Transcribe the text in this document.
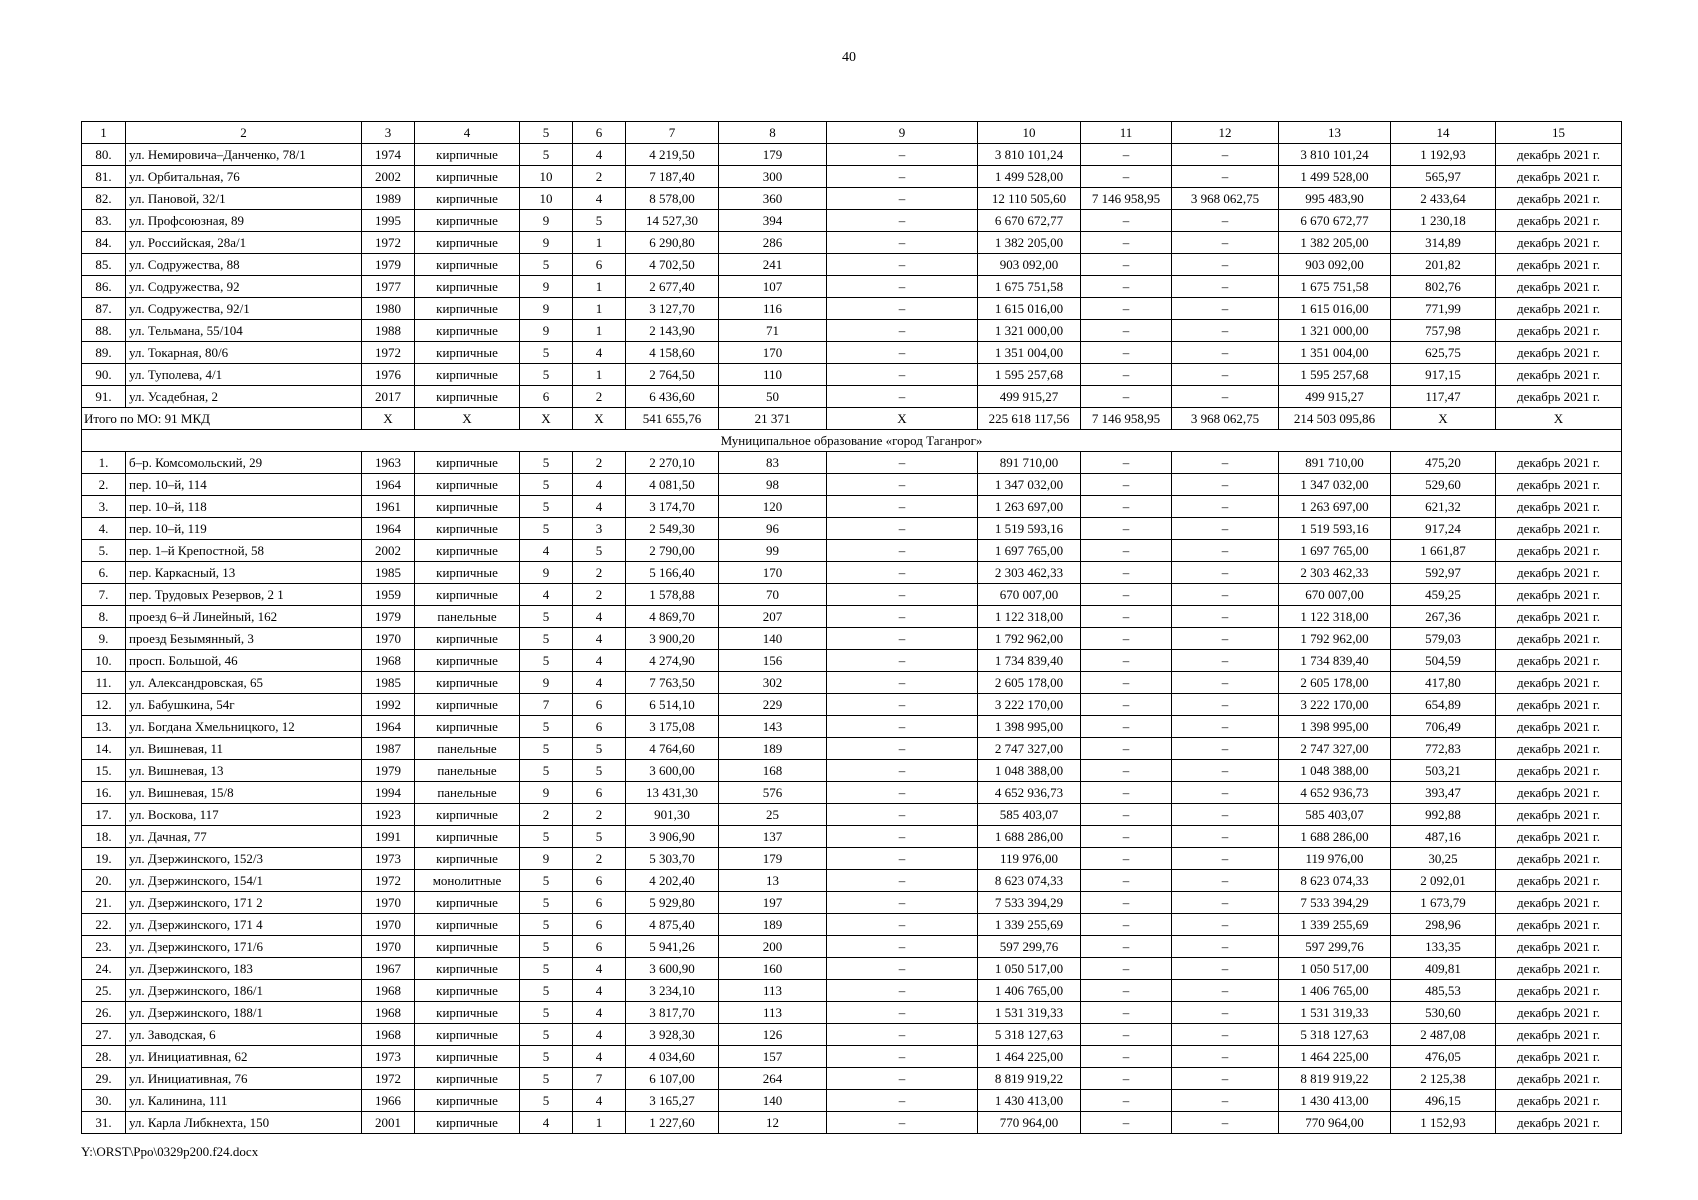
40
1	2	3	4	5	6	7	8	9	10	11	12	13	14	15
80.	ул. Немировича–Данченко, 78/1	1974	кирпичные	5	4	4 219,50	179	–	3 810 101,24	–	–	3 810 101,24	1 192,93	декабрь 2021 г.
81.	ул. Орбитальная, 76	2002	кирпичные	10	2	7 187,40	300	–	1 499 528,00	–	–	1 499 528,00	565,97	декабрь 2021 г.
82.	ул. Пановой, 32/1	1989	кирпичные	10	4	8 578,00	360	–	12 110 505,60	7 146 958,95	3 968 062,75	995 483,90	2 433,64	декабрь 2021 г.
83.	ул. Профсоюзная, 89	1995	кирпичные	9	5	14 527,30	394	–	6 670 672,77	–	–	6 670 672,77	1 230,18	декабрь 2021 г.
84.	ул. Российская, 28а/1	1972	кирпичные	9	1	6 290,80	286	–	1 382 205,00	–	–	1 382 205,00	314,89	декабрь 2021 г.
85.	ул. Содружества, 88	1979	кирпичные	5	6	4 702,50	241	–	903 092,00	–	–	903 092,00	201,82	декабрь 2021 г.
86.	ул. Содружества, 92	1977	кирпичные	9	1	2 677,40	107	–	1 675 751,58	–	–	1 675 751,58	802,76	декабрь 2021 г.
87.	ул. Содружества, 92/1	1980	кирпичные	9	1	3 127,70	116	–	1 615 016,00	–	–	1 615 016,00	771,99	декабрь 2021 г.
88.	ул. Тельмана, 55/104	1988	кирпичные	9	1	2 143,90	71	–	1 321 000,00	–	–	1 321 000,00	757,98	декабрь 2021 г.
89.	ул. Токарная, 80/6	1972	кирпичные	5	4	4 158,60	170	–	1 351 004,00	–	–	1 351 004,00	625,75	декабрь 2021 г.
90.	ул. Туполева, 4/1	1976	кирпичные	5	1	2 764,50	110	–	1 595 257,68	–	–	1 595 257,68	917,15	декабрь 2021 г.
91.	ул. Усадебная, 2	2017	кирпичные	6	2	6 436,60	50	–	499 915,27	–	–	499 915,27	117,47	декабрь 2021 г.
Итого по МО: 91 МКД		X	X	X	X	541 655,76	21 371	X	225 618 117,56	7 146 958,95	3 968 062,75	214 503 095,86	X	X
Муниципальное образование «город Таганрог»														
1.	б–р. Комсомольский, 29	1963	кирпичные	5	2	2 270,10	83	–	891 710,00	–	–	891 710,00	475,20	декабрь 2021 г.
2.	пер. 10–й, 114	1964	кирпичные	5	4	4 081,50	98	–	1 347 032,00	–	–	1 347 032,00	529,60	декабрь 2021 г.
3.	пер. 10–й, 118	1961	кирпичные	5	4	3 174,70	120	–	1 263 697,00	–	–	1 263 697,00	621,32	декабрь 2021 г.
4.	пер. 10–й, 119	1964	кирпичные	5	3	2 549,30	96	–	1 519 593,16	–	–	1 519 593,16	917,24	декабрь 2021 г.
5.	пер. 1–й Крепостной, 58	2002	кирпичные	4	5	2 790,00	99	–	1 697 765,00	–	–	1 697 765,00	1 661,87	декабрь 2021 г.
6.	пер. Каркасный, 13	1985	кирпичные	9	2	5 166,40	170	–	2 303 462,33	–	–	2 303 462,33	592,97	декабрь 2021 г.
7.	пер. Трудовых Резервов, 2 1	1959	кирпичные	4	2	1 578,88	70	–	670 007,00	–	–	670 007,00	459,25	декабрь 2021 г.
8.	проезд 6–й Линейный, 162	1979	панельные	5	4	4 869,70	207	–	1 122 318,00	–	–	1 122 318,00	267,36	декабрь 2021 г.
9.	проезд Безымянный, 3	1970	кирпичные	5	4	3 900,20	140	–	1 792 962,00	–	–	1 792 962,00	579,03	декабрь 2021 г.
10.	просп. Большой, 46	1968	кирпичные	5	4	4 274,90	156	–	1 734 839,40	–	–	1 734 839,40	504,59	декабрь 2021 г.
11.	ул. Александровская, 65	1985	кирпичные	9	4	7 763,50	302	–	2 605 178,00	–	–	2 605 178,00	417,80	декабрь 2021 г.
12.	ул. Бабушкина, 54г	1992	кирпичные	7	6	6 514,10	229	–	3 222 170,00	–	–	3 222 170,00	654,89	декабрь 2021 г.
13.	ул. Богдана Хмельницкого, 12	1964	кирпичные	5	6	3 175,08	143	–	1 398 995,00	–	–	1 398 995,00	706,49	декабрь 2021 г.
14.	ул. Вишневая, 11	1987	панельные	5	5	4 764,60	189	–	2 747 327,00	–	–	2 747 327,00	772,83	декабрь 2021 г.
15.	ул. Вишневая, 13	1979	панельные	5	5	3 600,00	168	–	1 048 388,00	–	–	1 048 388,00	503,21	декабрь 2021 г.
16.	ул. Вишневая, 15/8	1994	панельные	9	6	13 431,30	576	–	4 652 936,73	–	–	4 652 936,73	393,47	декабрь 2021 г.
17.	ул. Воскова, 117	1923	кирпичные	2	2	901,30	25	–	585 403,07	–	–	585 403,07	992,88	декабрь 2021 г.
18.	ул. Дачная, 77	1991	кирпичные	5	5	3 906,90	137	–	1 688 286,00	–	–	1 688 286,00	487,16	декабрь 2021 г.
19.	ул. Дзержинского, 152/3	1973	кирпичные	9	2	5 303,70	179	–	119 976,00	–	–	119 976,00	30,25	декабрь 2021 г.
20.	ул. Дзержинского, 154/1	1972	монолитные	5	6	4 202,40	13	–	8 623 074,33	–	–	8 623 074,33	2 092,01	декабрь 2021 г.
21.	ул. Дзержинского, 171 2	1970	кирпичные	5	6	5 929,80	197	–	7 533 394,29	–	–	7 533 394,29	1 673,79	декабрь 2021 г.
22.	ул. Дзержинского, 171 4	1970	кирпичные	5	6	4 875,40	189	–	1 339 255,69	–	–	1 339 255,69	298,96	декабрь 2021 г.
23.	ул. Дзержинского, 171/6	1970	кирпичные	5	6	5 941,26	200	–	597 299,76	–	–	597 299,76	133,35	декабрь 2021 г.
24.	ул. Дзержинского, 183	1967	кирпичные	5	4	3 600,90	160	–	1 050 517,00	–	–	1 050 517,00	409,81	декабрь 2021 г.
25.	ул. Дзержинского, 186/1	1968	кирпичные	5	4	3 234,10	113	–	1 406 765,00	–	–	1 406 765,00	485,53	декабрь 2021 г.
26.	ул. Дзержинского, 188/1	1968	кирпичные	5	4	3 817,70	113	–	1 531 319,33	–	–	1 531 319,33	530,60	декабрь 2021 г.
27.	ул. Заводская, 6	1968	кирпичные	5	4	3 928,30	126	–	5 318 127,63	–	–	5 318 127,63	2 487,08	декабрь 2021 г.
28.	ул. Инициативная, 62	1973	кирпичные	5	4	4 034,60	157	–	1 464 225,00	–	–	1 464 225,00	476,05	декабрь 2021 г.
29.	ул. Инициативная, 76	1972	кирпичные	5	7	6 107,00	264	–	8 819 919,22	–	–	8 819 919,22	2 125,38	декабрь 2021 г.
30.	ул. Калинина, 111	1966	кирпичные	5	4	3 165,27	140	–	1 430 413,00	–	–	1 430 413,00	496,15	декабрь 2021 г.
31.	ул. Карла Либкнехта, 150	2001	кирпичные	4	1	1 227,60	12	–	770 964,00	–	–	770 964,00	1 152,93	декабрь 2021 г.
Y:\ORST\Ppo\0329p200.f24.docx
